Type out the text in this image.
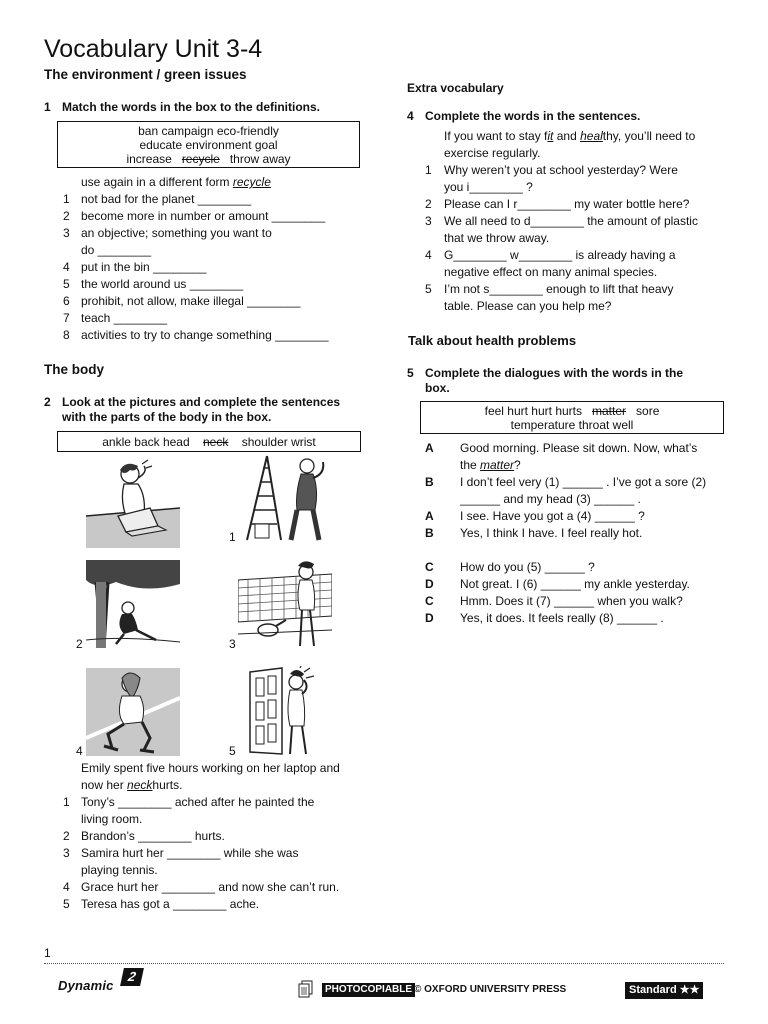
Vocabulary Unit 3-4
The environment / green issues
1 Match the words in the box to the definitions.
ban campaign eco-friendly
educate environment goal
increase recycle throw away
use again in a different form recycle
1 not bad for the planet ________
2 become more in number or amount ________
3 an objective; something you want to
do ________
4 put in the bin ________
5 the world around us ________
6 prohibit, not allow, make illegal ________
7 teach ________
8 activities to try to change something ________
The body
2 Look at the pictures and complete the sentences
with the parts of the body in the box.
ankle back head neck shoulder wrist
1
2	3
4	5
Emily spent five hours working on her laptop and
now her neckhurts.
1 Tony’s ________ ached after he painted the
living room.
2 Brandon’s ________ hurts.
3 Samira hurt her ________ while she was
playing tennis.
4 Grace hurt her ________ and now she can’t run.
5 Teresa has got a ________ ache.
Extra vocabulary
4 Complete the words in the sentences.
If you want to stay fit and healthy, you’ll need to
exercise regularly.
1 Why weren’t you at school yesterday? Were
you i________ ?
2 Please can I r________ my water bottle here?
3 We all need to d________ the amount of plastic
that we throw away.
4 G________ w________ is already having a
negative effect on many animal species.
5 I’m not s________ enough to lift that heavy
table. Please can you help me?
Talk about health problems
5 Complete the dialogues with the words in the
box.
feel hurt hurt hurts matter sore
temperature throat well
A Good morning. Please sit down. Now, what’s
the matter?
B I don’t feel very (1) ______ . I’ve got a sore (2)
______ and my head (3) ______ .
A I see. Have you got a (4) ______ ?
B Yes, I think I have. I feel really hot.
C How do you (5) ______ ?
D Not great. I (6) ______ my ankle yesterday.
C Hmm. Does it (7) ______ when you walk?
D Yes, it does. It feels really (8) ______ .
1
Dynamic
2
PHOTOCOPIABLE © OXFORD UNIVERSITY PRESS	Standard ★★
